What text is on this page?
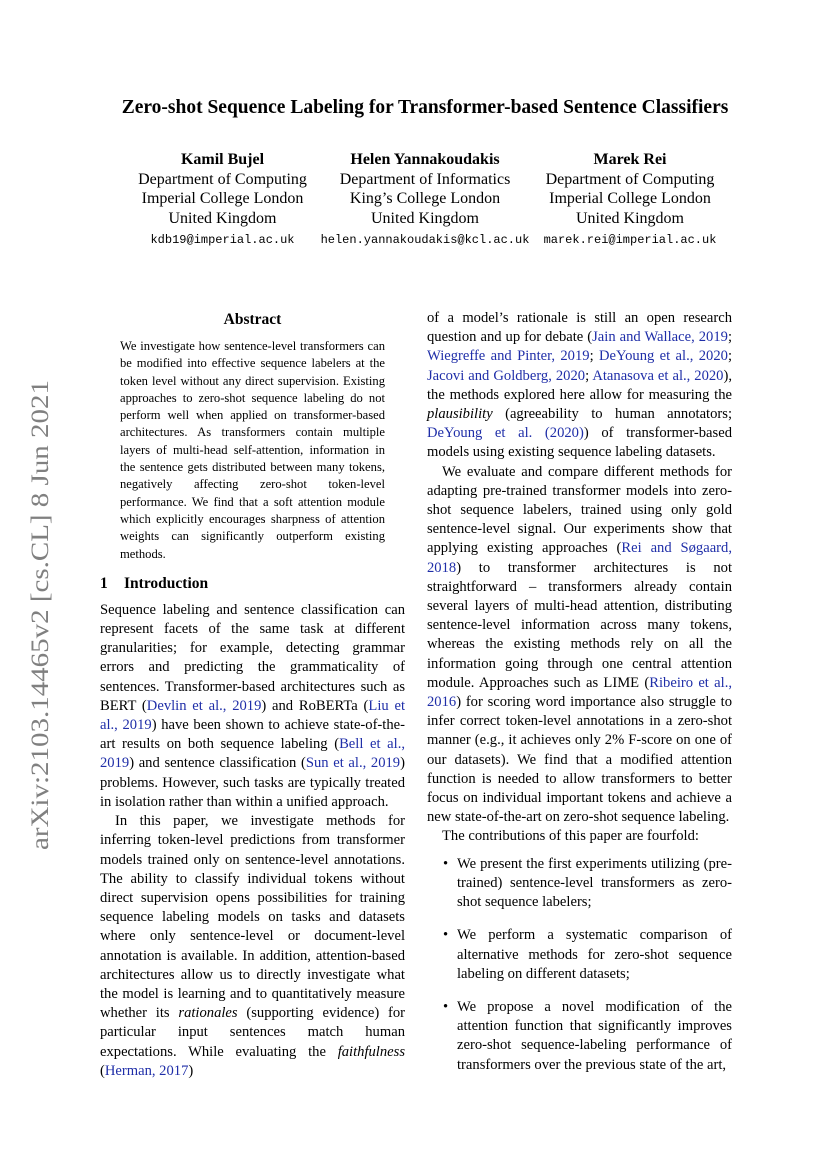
arXiv:2103.14465v2 [cs.CL] 8 Jun 2021
Zero-shot Sequence Labeling for Transformer-based Sentence Classifiers
Kamil Bujel
Department of Computing
Imperial College London
United Kingdom
kdb19@imperial.ac.uk
Helen Yannakoudakis
Department of Informatics
King’s College London
United Kingdom
helen.yannakoudakis@kcl.ac.uk
Marek Rei
Department of Computing
Imperial College London
United Kingdom
marek.rei@imperial.ac.uk
Abstract
We investigate how sentence-level transformers can be modified into effective sequence labelers at the token level without any direct supervision. Existing approaches to zero-shot sequence labeling do not perform well when applied on transformer-based architectures. As transformers contain multiple layers of multi-head self-attention, information in the sentence gets distributed between many tokens, negatively affecting zero-shot token-level performance. We find that a soft attention module which explicitly encourages sharpness of attention weights can significantly outperform existing methods.
1 Introduction

Sequence labeling and sentence classification can represent facets of the same task at different granularities; for example, detecting grammar errors and predicting the grammaticality of sentences. Transformer-based architectures such as BERT (Devlin et al., 2019) and RoBERTa (Liu et al., 2019) have been shown to achieve state-of-the-art results on both sequence labeling (Bell et al., 2019) and sentence classification (Sun et al., 2019) problems. However, such tasks are typically treated in isolation rather than within a unified approach.

In this paper, we investigate methods for inferring token-level predictions from transformer models trained only on sentence-level annotations. The ability to classify individual tokens without direct supervision opens possibilities for training sequence labeling models on tasks and datasets where only sentence-level or document-level annotation is available. In addition, attention-based architectures allow us to directly investigate what the model is learning and to quantitatively measure whether its rationales (supporting evidence) for particular input sentences match human expectations. While evaluating the faithfulness (Herman, 2017)

of a model’s rationale is still an open research question and up for debate (Jain and Wallace, 2019; Wiegreffe and Pinter, 2019; DeYoung et al., 2020; Jacovi and Goldberg, 2020; Atanasova et al., 2020), the methods explored here allow for measuring the plausibility (agreeability to human annotators; DeYoung et al. (2020)) of transformer-based models using existing sequence labeling datasets.

We evaluate and compare different methods for adapting pre-trained transformer models into zero-shot sequence labelers, trained using only gold sentence-level signal. Our experiments show that applying existing approaches (Rei and Søgaard, 2018) to transformer architectures is not straightforward – transformers already contain several layers of multi-head attention, distributing sentence-level information across many tokens, whereas the existing methods rely on all the information going through one central attention module. Approaches such as LIME (Ribeiro et al., 2016) for scoring word importance also struggle to infer correct token-level annotations in a zero-shot manner (e.g., it achieves only 2% F-score on one of our datasets). We find that a modified attention function is needed to allow transformers to better focus on individual important tokens and achieve a new state-of-the-art on zero-shot sequence labeling.

The contributions of this paper are fourfold:

• We present the first experiments utilizing (pre-trained) sentence-level transformers as zero-shot sequence labelers;
• We perform a systematic comparison of alternative methods for zero-shot sequence labeling on different datasets;
• We propose a novel modification of the attention function that significantly improves zero-shot sequence-labeling performance of transformers over the previous state of the art,
